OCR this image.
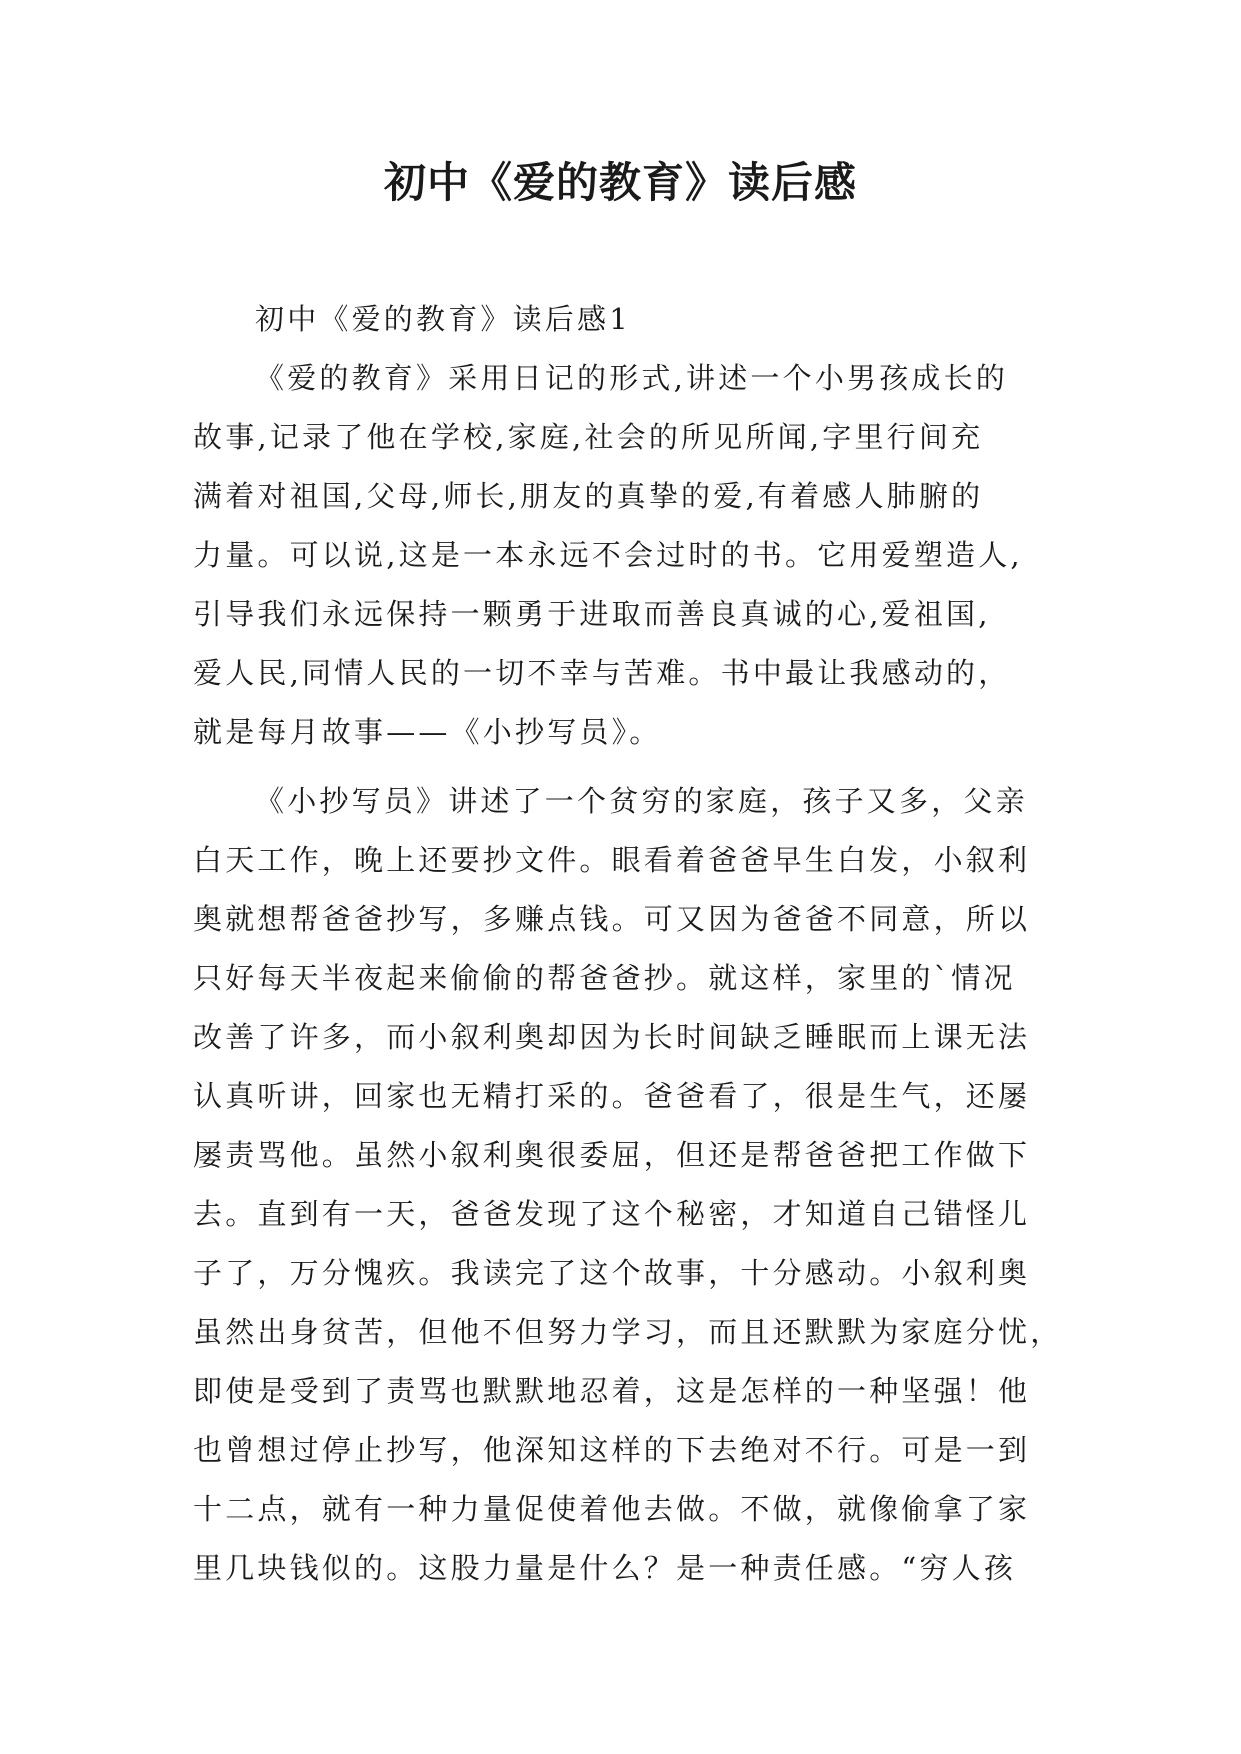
初中《爱的教育》读后感
初中《爱的教育》读后感1
《爱的教育》采用日记的形式,讲述一个小男孩成长的
故事,记录了他在学校,家庭,社会的所见所闻,字里行间充
满着对祖国,父母,师长,朋友的真挚的爱,有着感人肺腑的
力量。可以说,这是一本永远不会过时的书。它用爱塑造人,
引导我们永远保持一颗勇于进取而善良真诚的心,爱祖国,
爱人民,同情人民的一切不幸与苦难。书中最让我感动的，
就是每月故事——《小抄写员》。
《小抄写员》讲述了一个贫穷的家庭，孩子又多，父亲
白天工作，晚上还要抄文件。眼看着爸爸早生白发，小叙利
奥就想帮爸爸抄写，多赚点钱。可又因为爸爸不同意，所以
只好每天半夜起来偷偷的帮爸爸抄。就这样，家里的`情况
改善了许多，而小叙利奥却因为长时间缺乏睡眠而上课无法
认真听讲，回家也无精打采的。爸爸看了，很是生气，还屡
屡责骂他。虽然小叙利奥很委屈，但还是帮爸爸把工作做下
去。直到有一天，爸爸发现了这个秘密，才知道自己错怪儿
子了，万分愧疚。我读完了这个故事，十分感动。小叙利奥
虽然出身贫苦，但他不但努力学习，而且还默默为家庭分忧，
即使是受到了责骂也默默地忍着，这是怎样的一种坚强！他
也曾想过停止抄写，他深知这样的下去绝对不行。可是一到
十二点，就有一种力量促使着他去做。不做，就像偷拿了家
里几块钱似的。这股力量是什么？是一种责任感。“穷人孩
